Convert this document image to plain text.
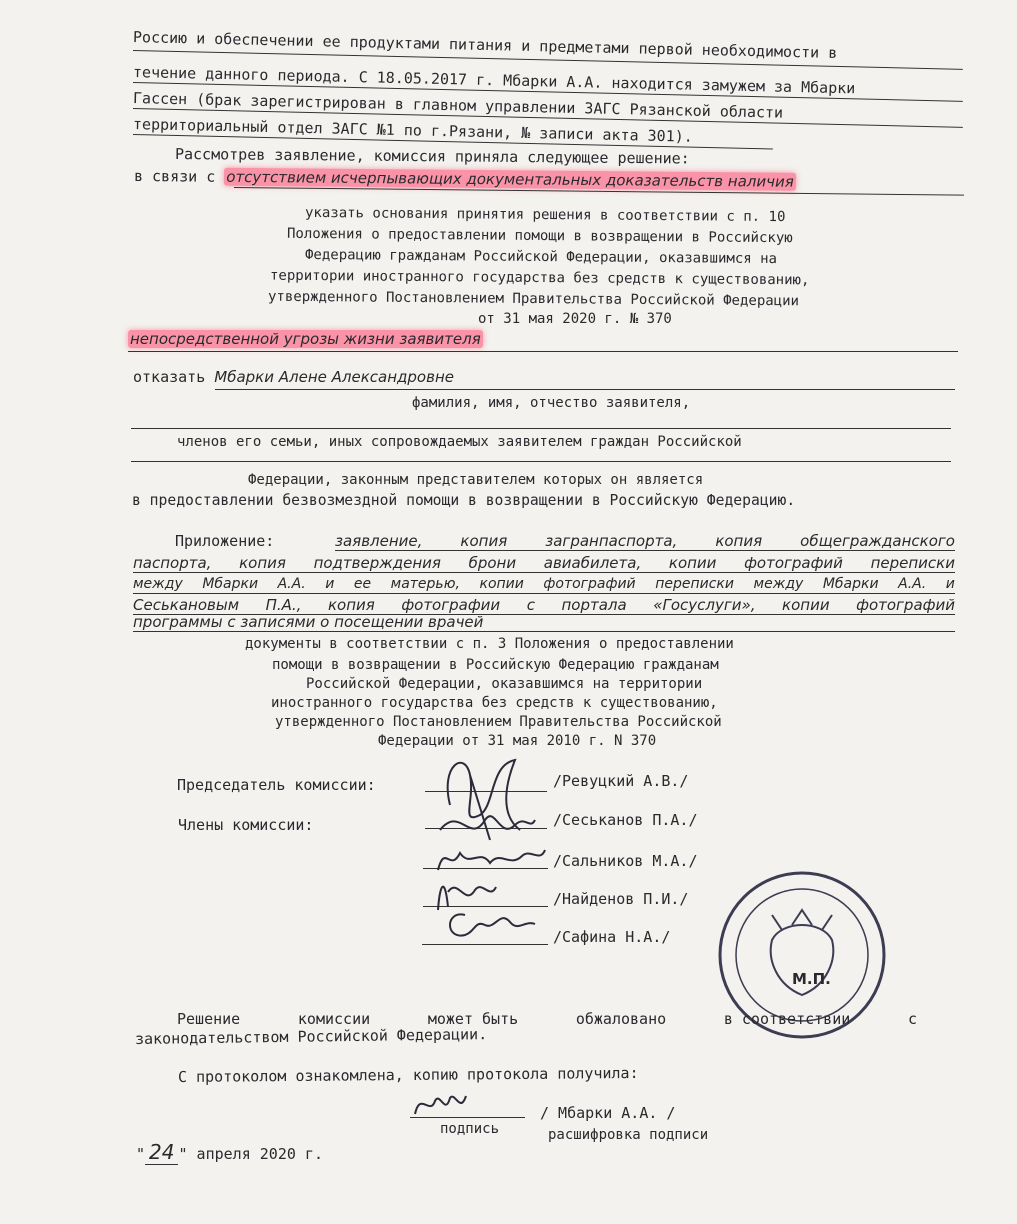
Россию и обеспечении ее продуктами питания и предметами первой необходимости в
течение данного периода. С 18.05.2017 г. Мбарки А.А. находится замужем за Мбарки
Гассен (брак зарегистрирован в главном управлении ЗАГС Рязанской области
территориальный отдел ЗАГС №1 по г.Рязани, № записи акта 301).
Рассмотрев заявление, комиссия приняла следующее решение:
в связи с отсутствием исчерпывающих документальных доказательств наличия
указать основания принятия решения в соответствии с п. 10
Положения о предоставлении помощи в возвращении в Российскую
Федерацию гражданам Российской Федерации, оказавшимся на
территории иностранного государства без средств к существованию,
утвержденного Постановлением Правительства Российской Федерации
от 31 мая 2020 г. № 370
непосредственной угрозы жизни заявителя
отказать Мбарки Алене Александровне
фамилия, имя, отчество заявителя,
членов его семьи, иных сопровождаемых заявителем граждан Российской
Федерации, законным представителем которых он является
в предоставлении безвозмездной помощи в возвращении в Российскую Федерацию.
Приложение:	заявление,	копия	загранпаспорта,	копия	общегражданского
паспорта, копия подтверждения брони авиабилета, копии фотографий переписки
между Мбарки А.А. и ее матерью, копии фотографий переписки между Мбарки А.А. и
Сеськановым П.А., копия фотографии с портала «Госуслуги», копии фотографий
программы с записями о посещении врачей
документы в соответствии с п. 3 Положения о предоставлении
помощи в возвращении в Российскую Федерацию гражданам
Российской Федерации, оказавшимся на территории
иностранного государства без средств к существованию,
утвержденного Постановлением Правительства Российской
Федерации от 31 мая 2010 г. N 370
Председатель комиссии:
Члены комиссии:
/Ревуцкий А.В./
/Сеськанов П.А./
/Сальников М.А./
/Найденов П.И./
/Сафина Н.А./
М.П.
Решение	комиссии	может быть	обжаловано	в соответствии	с
законодательством Российской Федерации.
С протоколом ознакомлена, копию протокола получила:
/ Мбарки А.А. /
подпись	расшифровка подписи
" 24 " апреля 2020 г.
